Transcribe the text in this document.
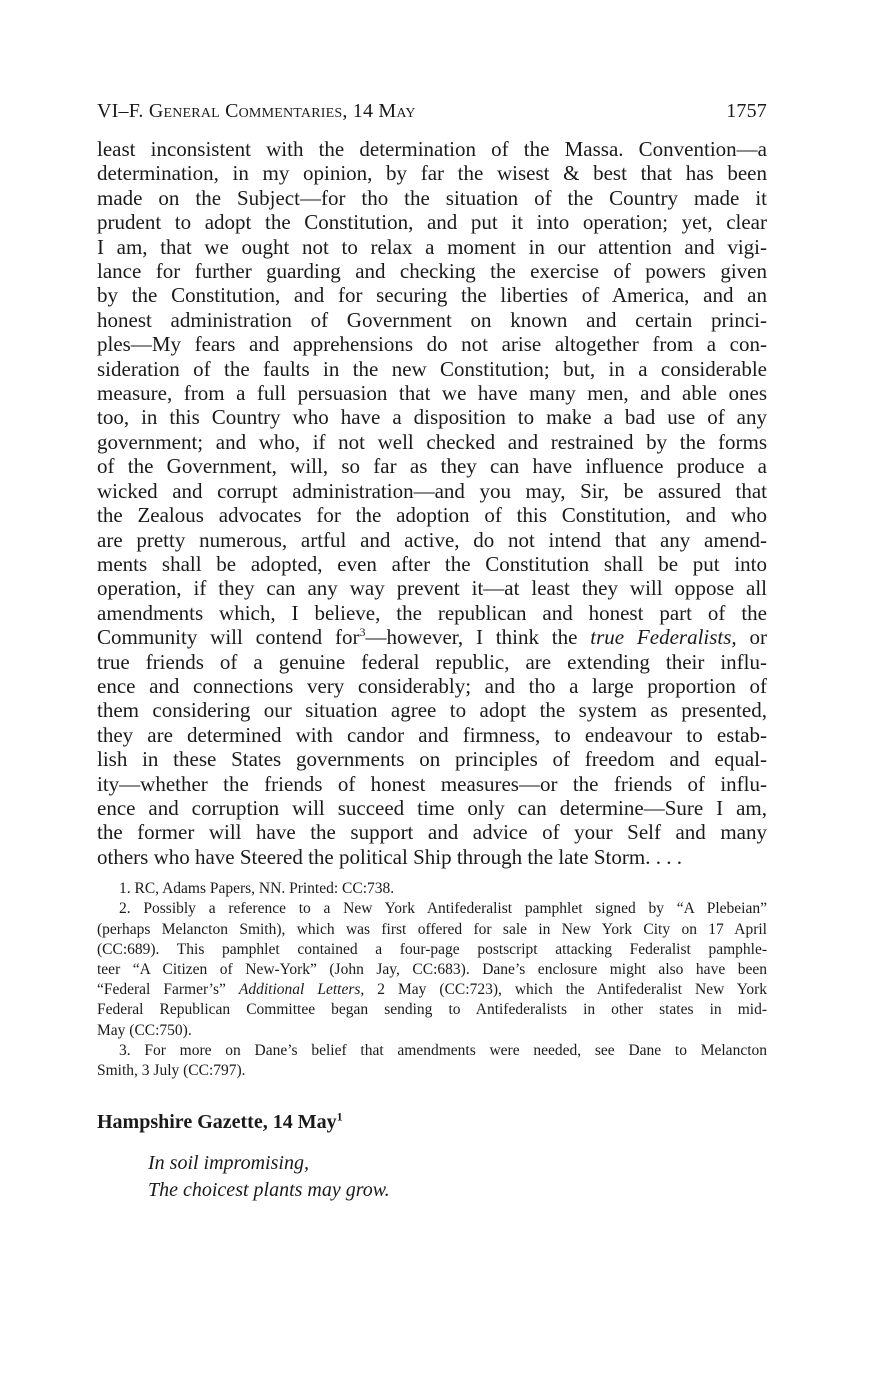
VI–F. General Commentaries, 14 May	1757
least inconsistent with the determination of the Massa. Convention—a
determination, in my opinion, by far the wisest & best that has been
made on the Subject—for tho the situation of the Country made it
prudent to adopt the Constitution, and put it into operation; yet, clear
I am, that we ought not to relax a moment in our attention and vigi-
lance for further guarding and checking the exercise of powers given
by the Constitution, and for securing the liberties of America, and an
honest administration of Government on known and certain princi-
ples—My fears and apprehensions do not arise altogether from a con-
sideration of the faults in the new Constitution; but, in a considerable
measure, from a full persuasion that we have many men, and able ones
too, in this Country who have a disposition to make a bad use of any
government; and who, if not well checked and restrained by the forms
of the Government, will, so far as they can have influence produce a
wicked and corrupt administration—and you may, Sir, be assured that
the Zealous advocates for the adoption of this Constitution, and who
are pretty numerous, artful and active, do not intend that any amend-
ments shall be adopted, even after the Constitution shall be put into
operation, if they can any way prevent it—at least they will oppose all
amendments which, I believe, the republican and honest part of the
Community will contend for$^3$—however, I think the true Federalists, or
true friends of a genuine federal republic, are extending their influ-
ence and connections very considerably; and tho a large proportion of
them considering our situation agree to adopt the system as presented,
they are determined with candor and firmness, to endeavour to estab-
lish in these States governments on principles of freedom and equal-
ity—whether the friends of honest measures—or the friends of influ-
ence and corruption will succeed time only can determine—Sure I am,
the former will have the support and advice of your Self and many
others who have Steered the political Ship through the late Storm. . . .

1. RC, Adams Papers, NN. Printed: CC:738.

2. Possibly a reference to a New York Antifederalist pamphlet signed by “A Plebeian”
(perhaps Melancton Smith), which was first offered for sale in New York City on 17 April
(CC:689). This pamphlet contained a four-page postscript attacking Federalist pamphle-
teer “A Citizen of New-York” (John Jay, CC:683). Dane’s enclosure might also have been
“Federal Farmer’s” Additional Letters, 2 May (CC:723), which the Antifederalist New York
Federal Republican Committee began sending to Antifederalists in other states in mid-
May (CC:750).

3. For more on Dane’s belief that amendments were needed, see Dane to Melancton
Smith, 3 July (CC:797).

Hampshire Gazette, 14 May$^1$
In soil impromising,
The choicest plants may grow.
